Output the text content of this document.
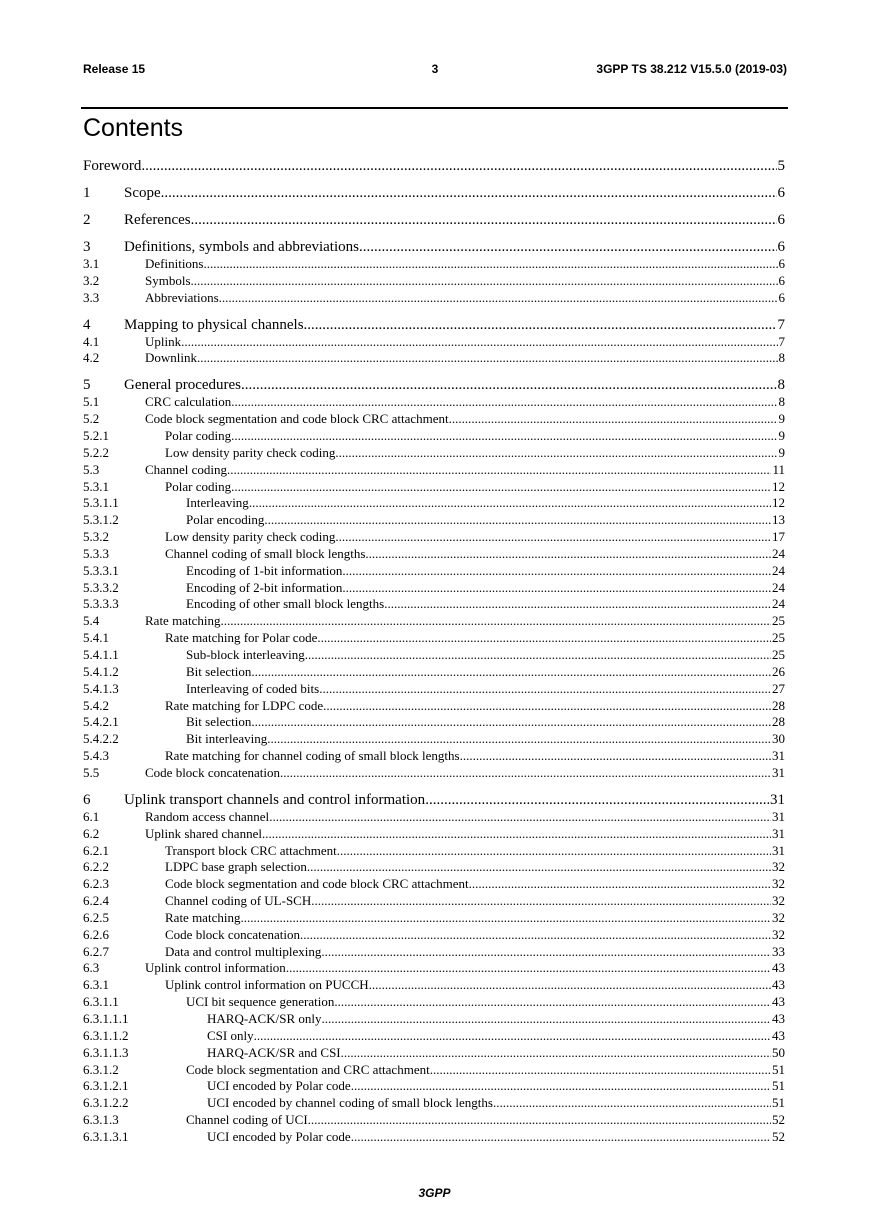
Release 15	3	3GPP TS 38.212 V15.5.0 (2019-03)
Contents
Foreword .....	5
1 Scope .....	6
2 References .....	6
3 Definitions, symbols and abbreviations .....	6
3.1	Definitions .....	6
3.2	Symbols .....	6
3.3	Abbreviations .....	6
4 Mapping to physical channels .....	7
4.1	Uplink .....	7
4.2	Downlink .....	8
5 General procedures .....	8
5.1	CRC calculation .....	8
5.2	Code block segmentation and code block CRC attachment .....	9
5.2.1	Polar coding .....	9
5.2.2	Low density parity check coding .....	9
5.3	Channel coding .....	11
5.3.1	Polar coding .....	12
5.3.1.1	Interleaving .....	12
5.3.1.2	Polar encoding .....	13
5.3.2	Low density parity check coding .....	17
5.3.3	Channel coding of small block lengths .....	24
5.3.3.1	Encoding of 1-bit information .....	24
5.3.3.2	Encoding of 2-bit information .....	24
5.3.3.3	Encoding of other small block lengths .....	24
5.4	Rate matching .....	25
5.4.1	Rate matching for Polar code .....	25
5.4.1.1	Sub-block interleaving .....	25
5.4.1.2	Bit selection .....	26
5.4.1.3	Interleaving of coded bits .....	27
5.4.2	Rate matching for LDPC code .....	28
5.4.2.1	Bit selection .....	28
5.4.2.2	Bit interleaving .....	30
5.4.3	Rate matching for channel coding of small block lengths .....	31
5.5	Code block concatenation .....	31
6 Uplink transport channels and control information .....	31
6.1	Random access channel .....	31
6.2	Uplink shared channel .....	31
6.2.1	Transport block CRC attachment .....	31
6.2.2	LDPC base graph selection .....	32
6.2.3	Code block segmentation and code block CRC attachment .....	32
6.2.4	Channel coding of UL-SCH .....	32
6.2.5	Rate matching .....	32
6.2.6	Code block concatenation .....	32
6.2.7	Data and control multiplexing .....	33
6.3	Uplink control information .....	43
6.3.1	Uplink control information on PUCCH .....	43
6.3.1.1	UCI bit sequence generation .....	43
6.3.1.1.1	HARQ-ACK/SR only .....	43
6.3.1.1.2	CSI only .....	43
6.3.1.1.3	HARQ-ACK/SR and CSI .....	50
6.3.1.2	Code block segmentation and CRC attachment .....	51
6.3.1.2.1	UCI encoded by Polar code .....	51
6.3.1.2.2	UCI encoded by channel coding of small block lengths .....	51
6.3.1.3	Channel coding of UCI .....	52
6.3.1.3.1	UCI encoded by Polar code .....	52
3GPP
